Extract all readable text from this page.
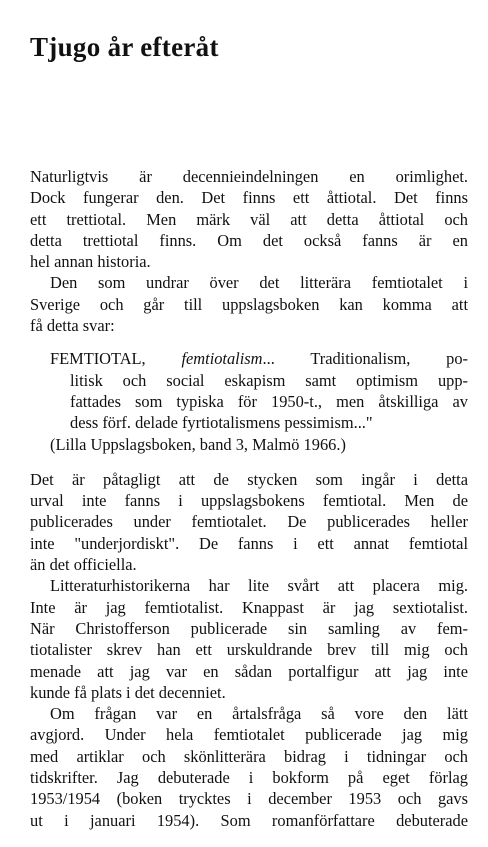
Tjugo år efteråt

Naturligtvis är decennieindelningen en orimlighet.
Dock fungerar den. Det finns ett åttiotal. Det finns
ett trettiotal. Men märk väl att detta åttiotal och
detta trettiotal finns. Om det också fanns är en
hel annan historia.

Den som undrar över det litterära femtiotalet i
Sverige och går till uppslagsboken kan komma att
få detta svar:

FEMTIOTAL, femtiotalism... Traditionalism, po-
litisk och social eskapism samt optimism upp-
fattades som typiska för 1950-t., men åtskilliga av
dess förf. delade fyrtiotalismens pessimism..."
(Lilla Uppslagsboken, band 3, Malmö 1966.)

Det är påtagligt att de stycken som ingår i detta
urval inte fanns i uppslagsbokens femtiotal. Men de
publicerades under femtiotalet. De publicerades heller
inte "underjordiskt". De fanns i ett annat femtiotal
än det officiella.

Litteraturhistorikerna har lite svårt att placera mig.
Inte är jag femtiotalist. Knappast är jag sextiotalist.
När Christofferson publicerade sin samling av fem-
tiotalister skrev han ett urskuldrande brev till mig och
menade att jag var en sådan portalfigur att jag inte
kunde få plats i det decenniet.

Om frågan var en årtalsfråga så vore den lätt
avgjord. Under hela femtiotalet publicerade jag mig
med artiklar och skönlitterära bidrag i tidningar och
tidskrifter. Jag debuterade i bokform på eget förlag
1953/1954 (boken trycktes i december 1953 och gavs
ut i januari 1954). Som romanförfattare debuterade
